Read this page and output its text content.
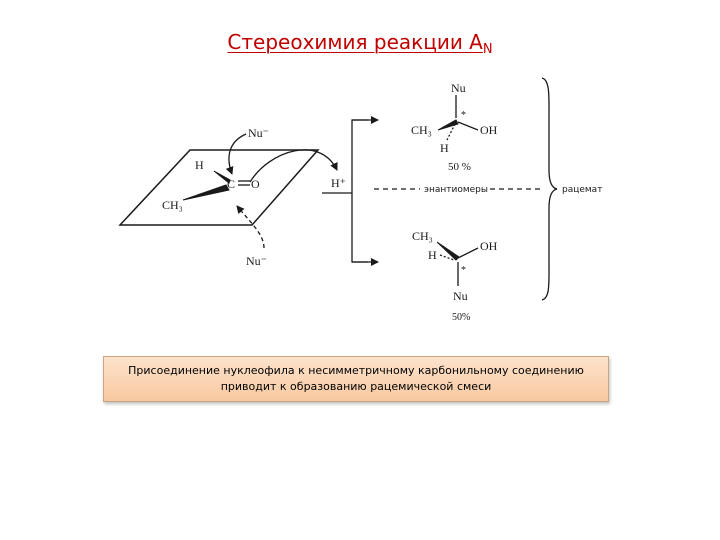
Стереохимия реакции $A_N$
Nu⁻
Nu⁻
H
C O
CH₃
H⁺
Nu
CH₃	OH
H
*
50 %
CH₃
OH
H
*
Nu
50%
энантиомеры	рацемат
Присоединение нуклеофила к несимметричному карбонильному соединению
приводит к образованию рацемической смеси
